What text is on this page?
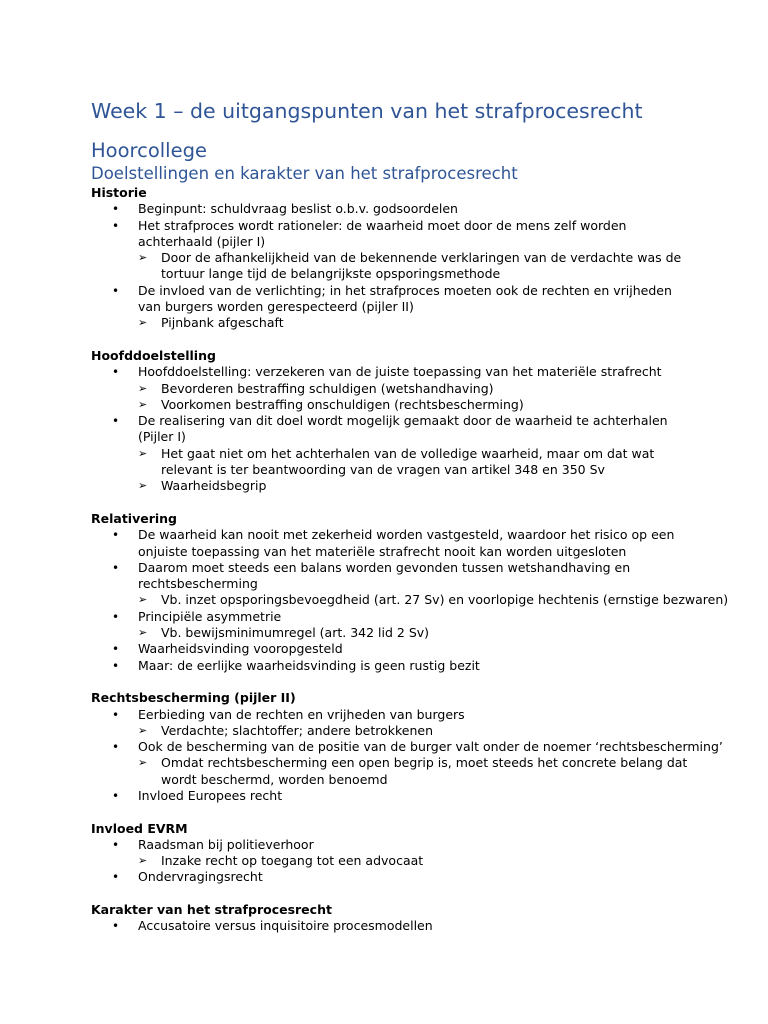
Week 1 – de uitgangspunten van het strafprocesrecht
Hoorcollege
Doelstellingen en karakter van het strafprocesrecht
Historie
• Beginpunt: schuldvraag beslist o.b.v. godsoordelen
• Het strafproces wordt rationeler: de waarheid moet door de mens zelf worden achterhaald (pijler I)
➢ Door de afhankelijkheid van de bekennende verklaringen van de verdachte was de tortuur lange tijd de belangrijkste opsporingsmethode
• De invloed van de verlichting; in het strafproces moeten ook de rechten en vrijheden van burgers worden gerespecteerd (pijler II)
➢ Pijnbank afgeschaft
Hoofddoelstelling
• Hoofddoelstelling: verzekeren van de juiste toepassing van het materiële strafrecht
➢ Bevorderen bestraffing schuldigen (wetshandhaving)
➢ Voorkomen bestraffing onschuldigen (rechtsbescherming)
• De realisering van dit doel wordt mogelijk gemaakt door de waarheid te achterhalen (Pijler I)
➢ Het gaat niet om het achterhalen van de volledige waarheid, maar om dat wat relevant is ter beantwoording van de vragen van artikel 348 en 350 Sv
➢ Waarheidsbegrip
Relativering
• De waarheid kan nooit met zekerheid worden vastgesteld, waardoor het risico op een onjuiste toepassing van het materiële strafrecht nooit kan worden uitgesloten
• Daarom moet steeds een balans worden gevonden tussen wetshandhaving en rechtsbescherming
➢ Vb. inzet opsporingsbevoegdheid (art. 27 Sv) en voorlopige hechtenis (ernstige bezwaren)
• Principiële asymmetrie
➢ Vb. bewijsminimumregel (art. 342 lid 2 Sv)
• Waarheidsvinding vooropgesteld
• Maar: de eerlijke waarheidsvinding is geen rustig bezit
Rechtsbescherming (pijler II)
• Eerbieding van de rechten en vrijheden van burgers
➢ Verdachte; slachtoffer; andere betrokkenen
• Ook de bescherming van de positie van de burger valt onder de noemer ‘rechtsbescherming’
➢ Omdat rechtsbescherming een open begrip is, moet steeds het concrete belang dat wordt beschermd, worden benoemd
• Invloed Europees recht
Invloed EVRM
• Raadsman bij politieverhoor
➢ Inzake recht op toegang tot een advocaat
• Ondervragingsrecht
Karakter van het strafprocesrecht
• Accusatoire versus inquisitoire procesmodellen
